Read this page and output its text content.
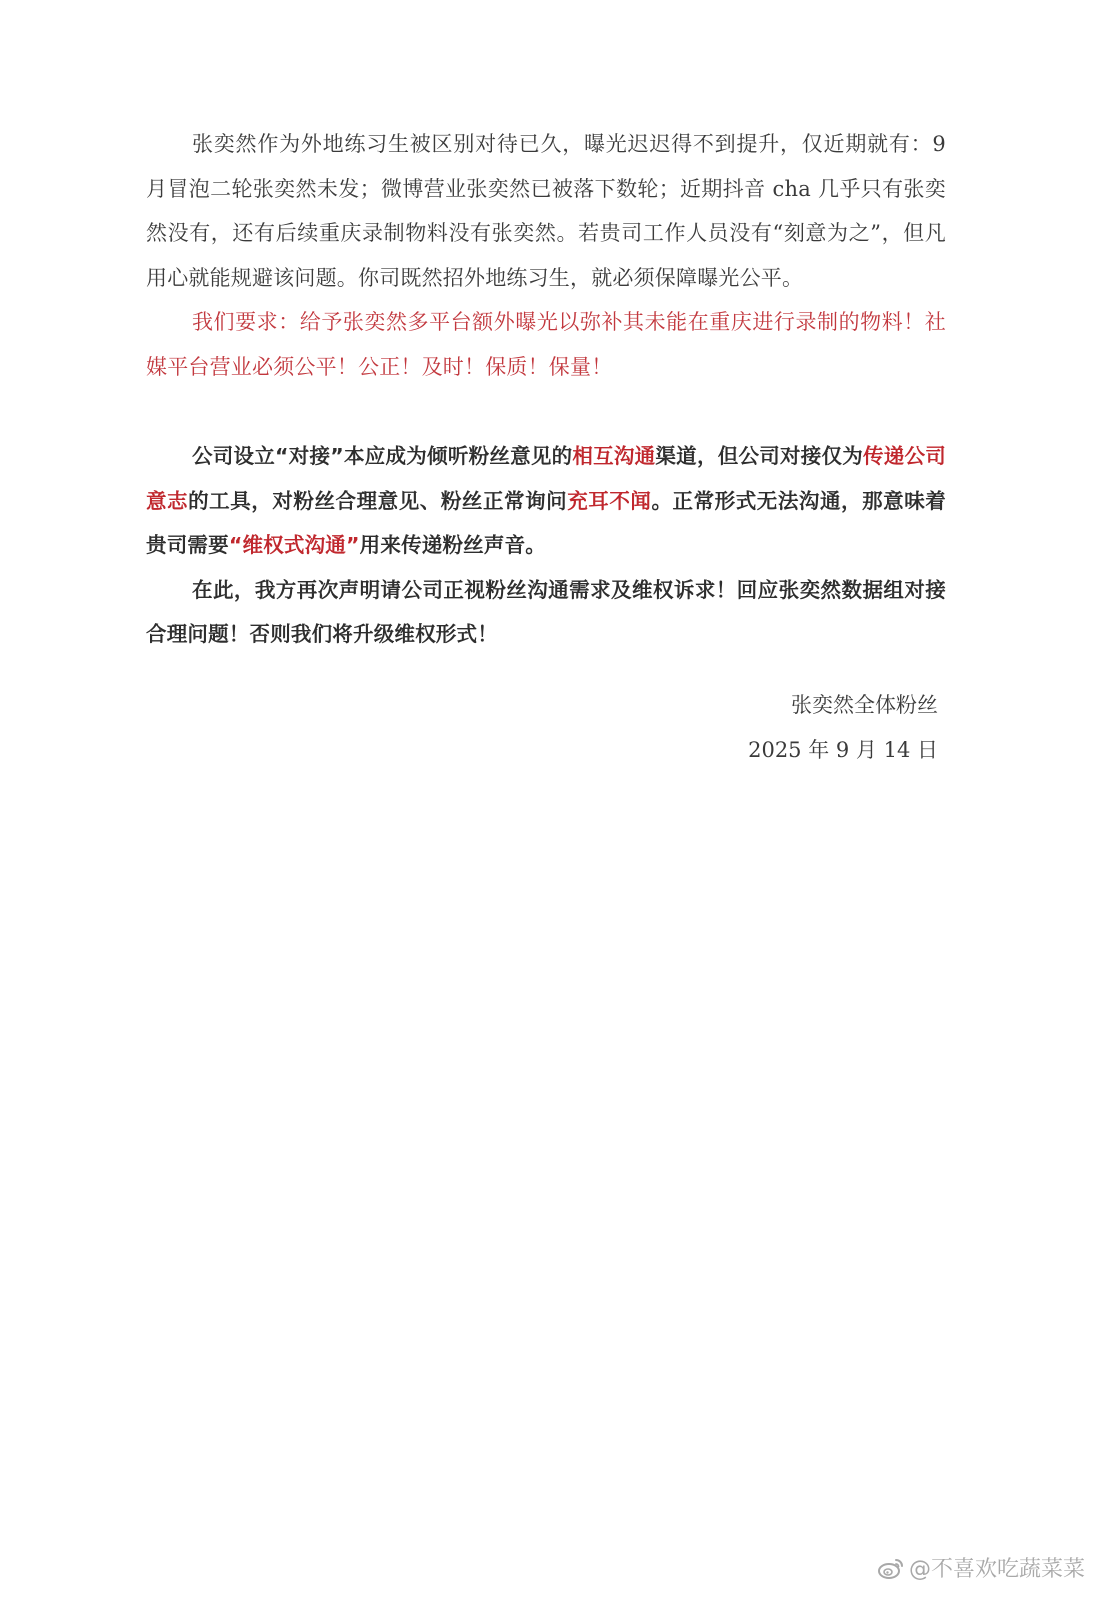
张奕然作为外地练习生被区别对待已久，曝光迟迟得不到提升，仅近期就有：9 月冒泡二轮张奕然未发；微博营业张奕然已被落下数轮；近期抖音 cha 几乎只有张奕然没有，还有后续重庆录制物料没有张奕然。若贵司工作人员没有“刻意为之”，但凡用心就能规避该问题。你司既然招外地练习生，就必须保障曝光公平。

我们要求：给予张奕然多平台额外曝光以弥补其未能在重庆进行录制的物料！社媒平台营业必须公平！公正！及时！保质！保量！

公司设立“对接”本应成为倾听粉丝意见的相互沟通渠道，但公司对接仅为传递公司意志的工具，对粉丝合理意见、粉丝正常询问充耳不闻。正常形式无法沟通，那意味着贵司需要“维权式沟通”用来传递粉丝声音。

在此，我方再次声明请公司正视粉丝沟通需求及维权诉求！回应张奕然数据组对接合理问题！否则我们将升级维权形式！

张奕然全体粉丝
2025 年 9 月 14 日
@不喜欢吃蔬菜菜
